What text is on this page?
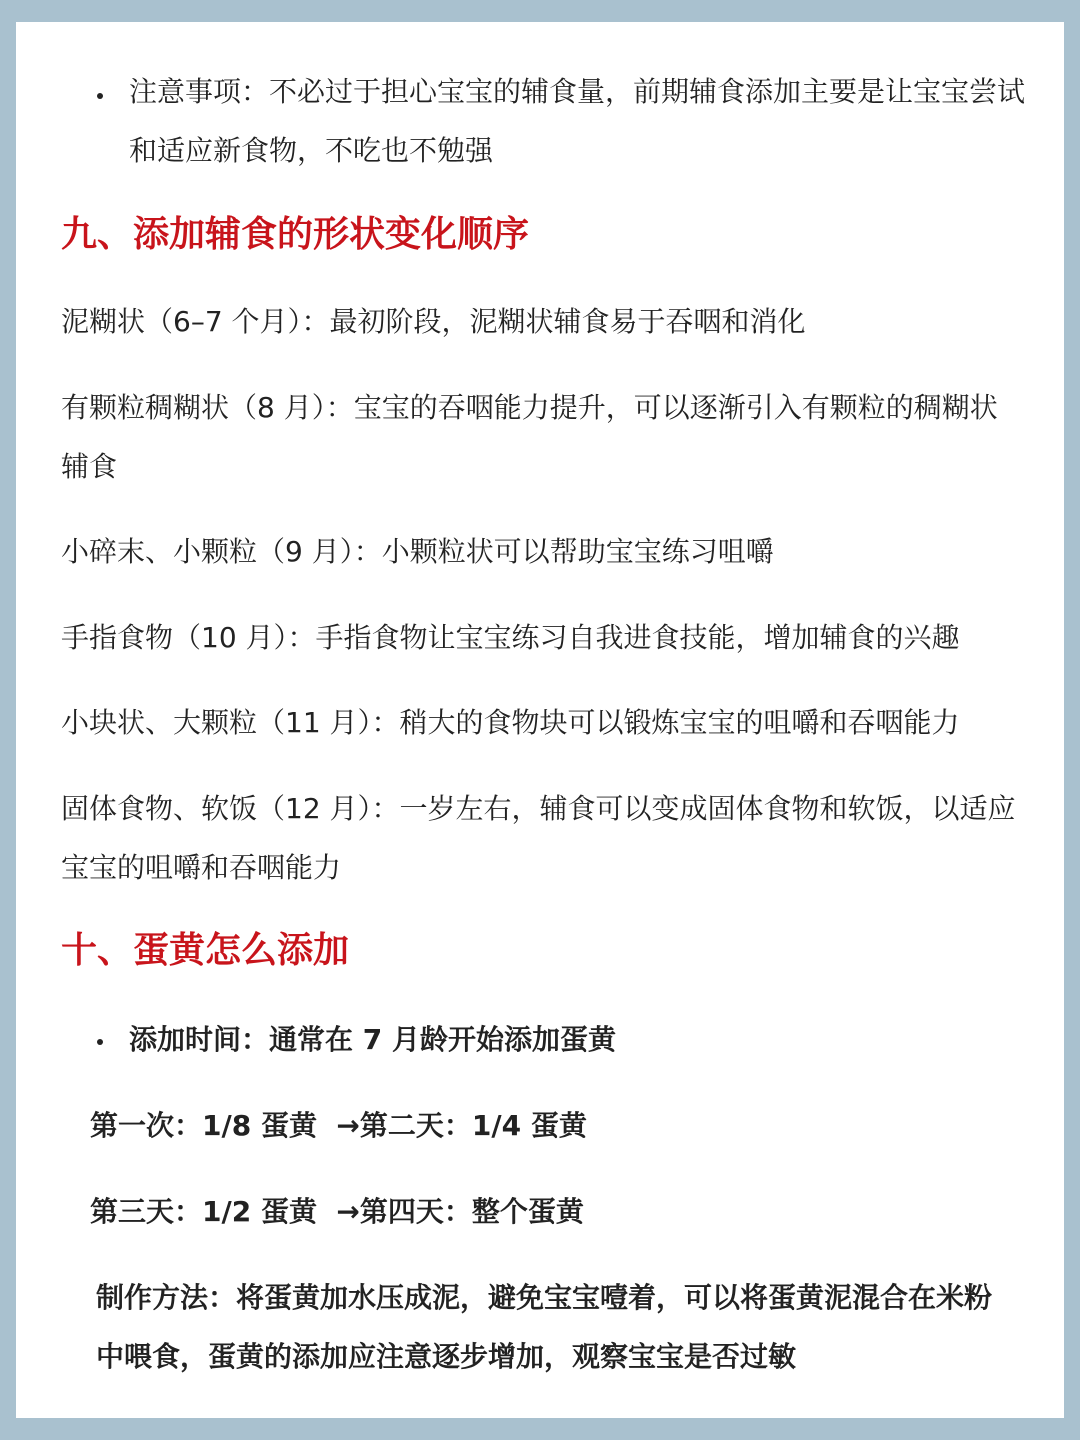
注意事项：不必过于担心宝宝的辅食量，前期辅食添加主要是让宝宝尝试和适应新食物，不吃也不勉强

九、添加辅食的形状变化顺序

泥糊状（6–7 个月）：最初阶段，泥糊状辅食易于吞咽和消化

有颗粒稠糊状（8 月）：宝宝的吞咽能力提升，可以逐渐引入有颗粒的稠糊状辅食

小碎末、小颗粒（9 月）：小颗粒状可以帮助宝宝练习咀嚼

手指食物（10 月）：手指食物让宝宝练习自我进食技能，增加辅食的兴趣

小块状、大颗粒（11 月）：稍大的食物块可以锻炼宝宝的咀嚼和吞咽能力

固体食物、软饭（12 月）：一岁左右，辅食可以变成固体食物和软饭，以适应宝宝的咀嚼和吞咽能力

十、蛋黄怎么添加

添加时间：通常在 7 月龄开始添加蛋黄

第一次：1/8 蛋黄  →第二天：1/4 蛋黄

第三天：1/2 蛋黄  →第四天：整个蛋黄

制作方法：将蛋黄加水压成泥，避免宝宝噎着，可以将蛋黄泥混合在米粉中喂食，蛋黄的添加应注意逐步增加，观察宝宝是否过敏
